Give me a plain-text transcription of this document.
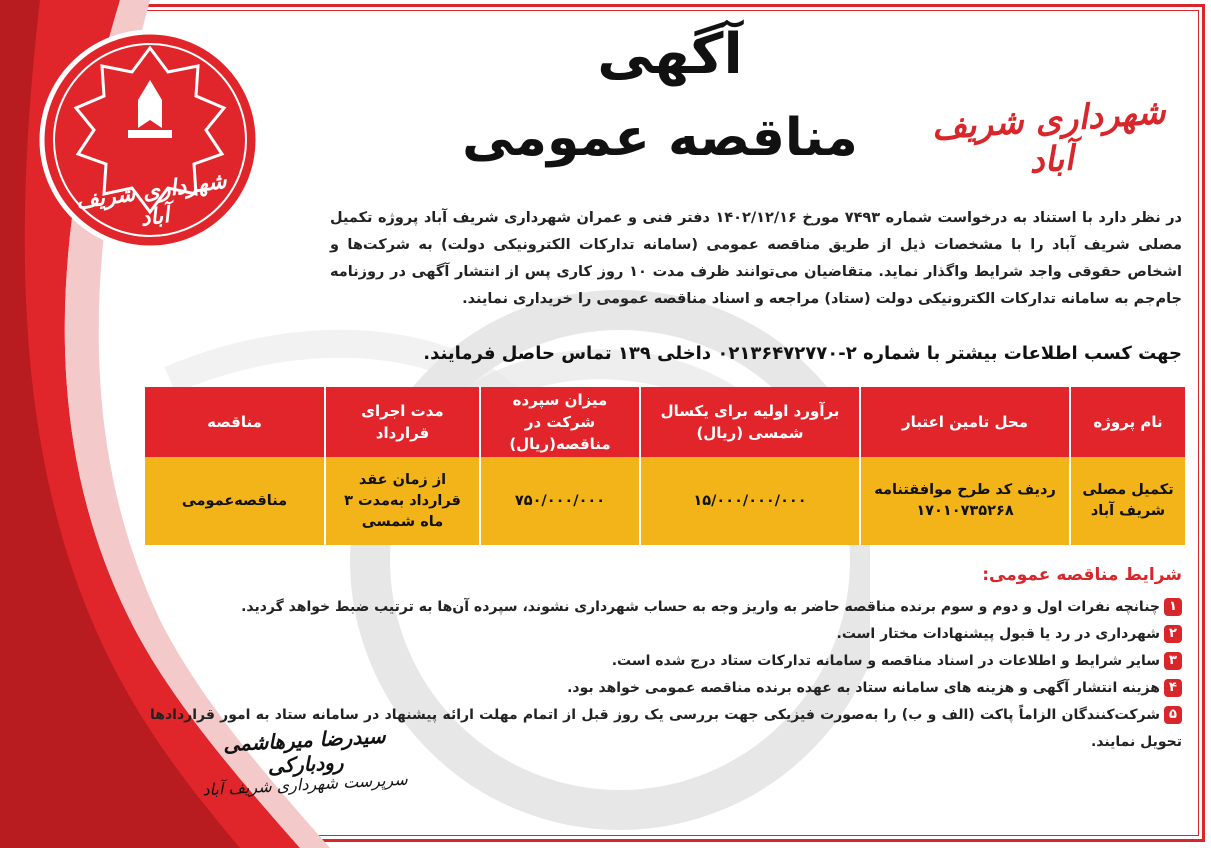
شهرداری شریف آباد
آگهی
مناقصه عمومی	شهرداری شریف آباد

در نظر دارد با استناد به درخواست شماره ۷۴۹۳ مورخ ۱۴۰۲/۱۲/۱۶ دفتر فنی و عمران شهرداری شریف آباد پروژه تکمیل مصلی شریف آباد را با مشخصات ذیل از طریق مناقصه عمومی (سامانه تدارکات الکترونیکی دولت) به شرکت‌ها و اشخاص حقوقی واجد شرایط واگذار نماید. متقاضیان می‌توانند ظرف مدت ۱۰ روز کاری پس از انتشار آگهی در روزنامه جام‌جم به سامانه تدارکات الکترونیکی دولت (ستاد) مراجعه و اسناد مناقصه عمومی را خریداری نمایند.

جهت کسب اطلاعات بیشتر با شماره ۲-۰۲۱۳۶۴۷۲۷۷۰ داخلی ۱۳۹ تماس حاصل فرمایند.
نام پروژه	محل تامین اعتبار	برآورد اولیه برای یکسال شمسی (ریال)	میزان سپرده شرکت در مناقصه(ریال)	مدت اجرای قرارداد	مناقصه
تکمیل مصلی شریف آباد	ردیف کد طرح موافقتنامه ۱۷۰۱۰۷۳۵۲۶۸	۱۵/۰۰۰/۰۰۰/۰۰۰	۷۵۰/۰۰۰/۰۰۰	از زمان عقد قرارداد به‌مدت ۳ ماه شمسی	مناقصه‌عمومی
شرایط مناقصه عمومی:
۱چنانچه نفرات اول و دوم و سوم برنده مناقصه حاضر به واریز وجه به حساب شهرداری نشوند، سپرده آن‌ها به ترتیب ضبط خواهد گردید.
۲شهرداری در رد یا قبول پیشنهادات مختار است.
۳سایر شرایط و اطلاعات در اسناد مناقصه و سامانه تدارکات ستاد درج شده است.
۴هزینه انتشار آگهی و هزینه های سامانه ستاد به عهده برنده مناقصه عمومی خواهد بود.
۵شرکت‌کنندگان الزاماً پاکت (الف و ب) را به‌صورت فیزیکی جهت بررسی یک روز قبل از اتمام مهلت ارائه پیشنهاد در سامانه ستاد به امور قراردادها تحویل نمایند.
سیدرضا میرهاشمی رودبارکی
سرپرست شهرداری شریف آباد
